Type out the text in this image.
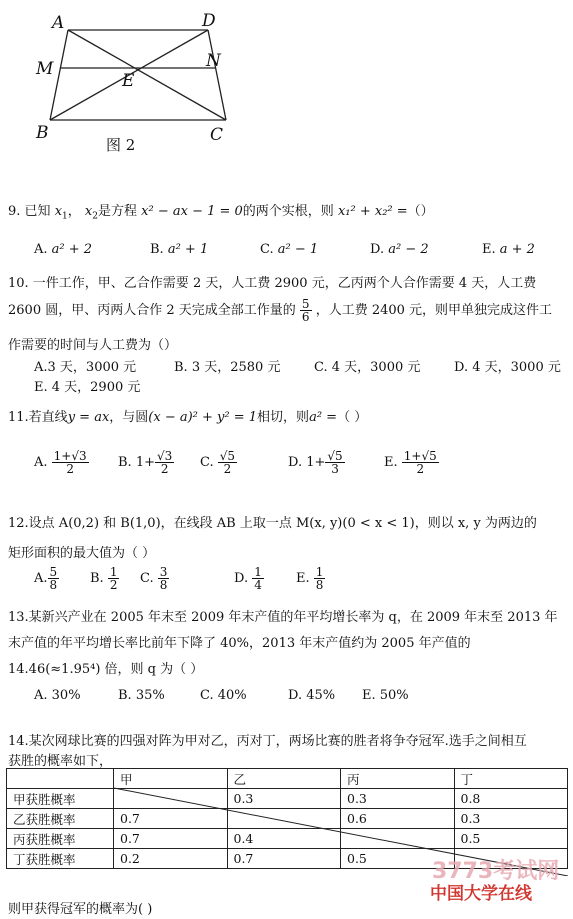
A	D
M	N
E
B	C
图 2
9. 已知 $x_1$， $x_2$是方程 x² − ax − 1 = 0的两个实根，则 x₁² + x₂² =（）
A. a² + 2	B. a² + 1	C. a² − 1	D. a² − 2	E. a + 2
10. 一件工作，甲、乙合作需要 2 天，人工费 2900 元，乙丙两个人合作需要 4 天，人工费
2600 圆，甲、丙两人合作 2 天完成全部工作量的 $\frac{5}{6}$ ，人工费 2400 元，则甲单独完成这件工
作需要的时间与人工费为（）
A.3 天，3000 元	B. 3 天，2580 元	C. 4 天，3000 元	D. 4 天，3000 元
E. 4 天，2900 元
11.若直线y = ax，与圆(x − a)² + y² = 1相切，则a² =（ ）
A. $\frac{1+√3}{2} B$. $1+ \frac{√3}{2} C$. $\frac{√5}{2}$	D. $1+ \frac{√5}{3}$	E. $\frac{1+√5}{2}$
12.设点 A(0,2) 和 B(1,0)，在线段 AB 上取一点 M(x, y)(0 < x < 1)，则以 x, y 为两边的
矩形面积的最大值为（ ）
A. $\frac{5}{8} B$. $\frac{1}{2} C$. $\frac{3}{8}$	D. $\frac{1}{4} E$. $\frac{1}{8}$
13.某新兴产业在 2005 年末至 2009 年末产值的年平均增长率为 q，在 2009 年末至 2013 年
末产值的年平均增长率比前年下降了 40%，2013 年末产值约为 2005 年产值的
14.46(≈1.95⁴) 倍，则 q 为（ ）
A. 30%	B. 35%	C. 40%	D. 45% E. 50%
14.某次网球比赛的四强对阵为甲对乙，丙对丁，两场比赛的胜者将争夺冠军.选手之间相互
获胜的概率如下，
	甲	乙	丙	丁
甲获胜概率		0.3	0.3	0.8
乙获胜概率	0.7		0.6	0.3
丙获胜概率	0.7	0.4		0.5
丁获胜概率	0.2	0.7	0.5	
则甲获得冠军的概率为( )
3773考试网
中国大学在线
